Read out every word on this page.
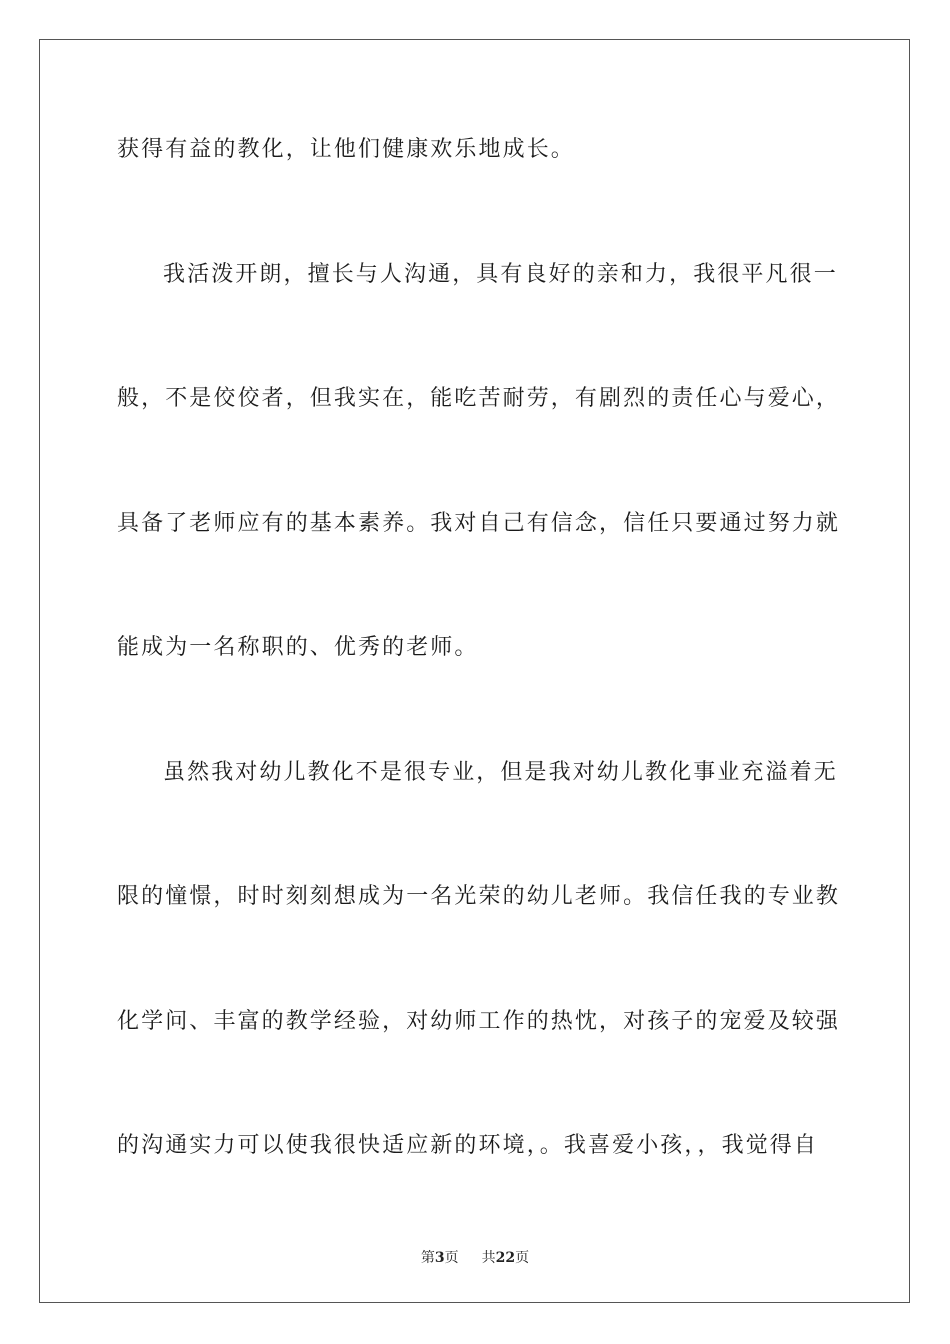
获得有益的教化，让他们健康欢乐地成长。
我活泼开朗，擅长与人沟通，具有良好的亲和力，我很平凡很一
般，不是佼佼者，但我实在，能吃苦耐劳，有剧烈的责任心与爱心，
具备了老师应有的基本素养。我对自己有信念，信任只要通过努力就
能成为一名称职的、优秀的老师。
虽然我对幼儿教化不是很专业，但是我对幼儿教化事业充溢着无
限的憧憬，时时刻刻想成为一名光荣的幼儿老师。我信任我的专业教
化学问、丰富的教学经验，对幼师工作的热忱，对孩子的宠爱及较强
的沟通实力可以使我很快适应新的环境，。我喜爱小孩，，我觉得自
第3页 共22页
